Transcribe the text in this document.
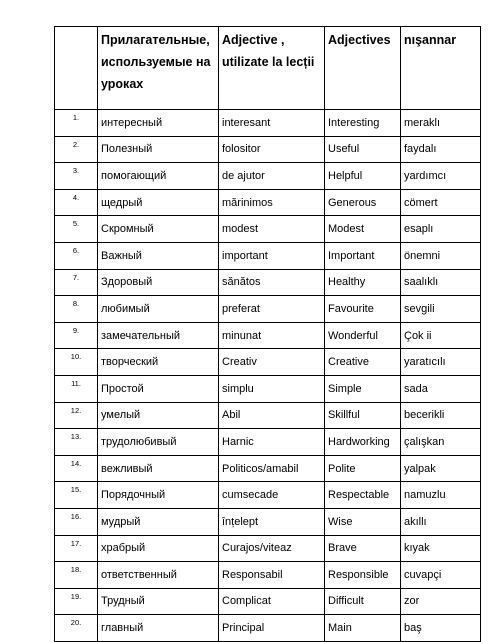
	Прилагательные, используемые на уроках	Adjective , utilizate la lecții	Adjectives	nışannar
1.	интересный	interesant	Interesting	meraklı
2.	Полезный	folositor	Useful	faydalı
3.	помогающий	de ajutor	Helpful	yardımcı
4.	щедрый	mărinimos	Generous	cömert
5.	Скромный	modest	Modest	esaplı
6.	Важный	important	Important	önemni
7.	Здоровый	sănătos	Healthy	saalıklı
8.	любимый	preferat	Favourite	sevgili
9.	замечательный	minunat	Wonderful	Çok ii
10.	творческий	Creativ	Creative	yaratıcılı
11.	Простой	simplu	Simple	sada
12.	умелый	Abil	Skillful	becerikli
13.	трудолюбивый	Harnic	Hardworking	çalışkan
14.	вежливый	Politicos/amabil	Polite	yalpak
15.	Порядочный	cumsecade	Respectable	namuzlu
16.	мудрый	înțelept	Wise	akıllı
17.	храбрый	Curajos/viteaz	Brave	kıyak
18.	ответственный	Responsabil	Responsible	cuvapçi
19.	Трудный	Complicat	Difficult	zor
20.	главный	Principal	Main	baş
